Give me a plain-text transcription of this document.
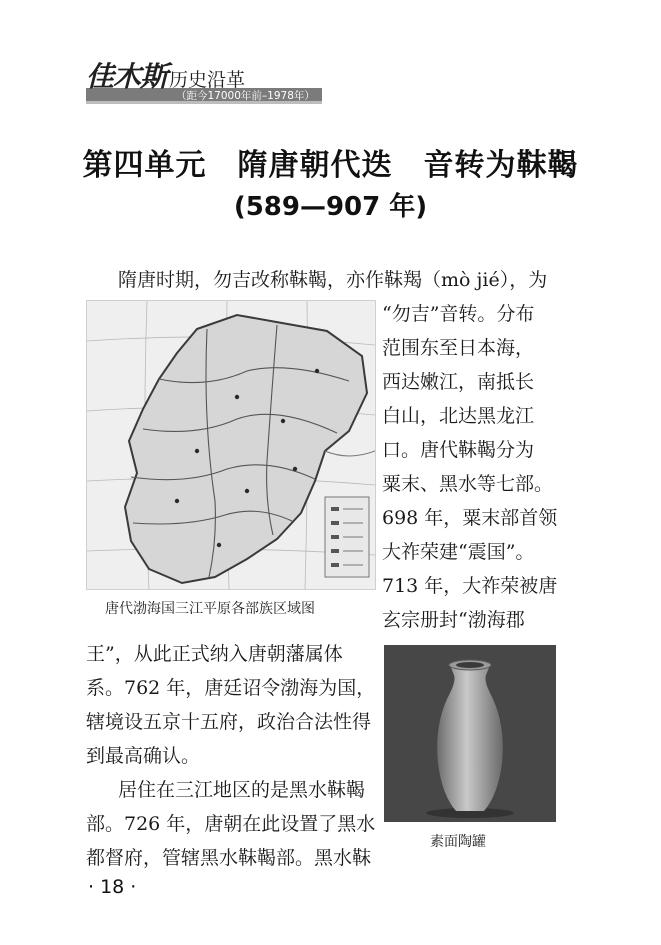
佳木斯 历史沿革
（距今17000年前–1978年）
第四单元　隋唐朝代迭　音转为靺鞨
(589—907 年)
隋唐时期，勿吉改称靺鞨，亦作靺羯（mò jié），为
“勿吉”音转。分布
范围东至日本海，
西达嫩江，南抵长
白山，北达黑龙江
口。唐代靺鞨分为
粟末、黑水等七部。
698 年，粟末部首领
大祚荣建“震国”。
713 年，大祚荣被唐
玄宗册封“渤海郡
王”，从此正式纳入唐朝藩属体
系。762 年，唐廷诏令渤海为国，
辖境设五京十五府，政治合法性得
到最高确认。
居住在三江地区的是黑水靺鞨
部。726 年，唐朝在此设置了黑水
都督府，管辖黑水靺鞨部。黑水靺
唐代渤海国三江平原各部族区域图
素面陶罐
· 18 ·
